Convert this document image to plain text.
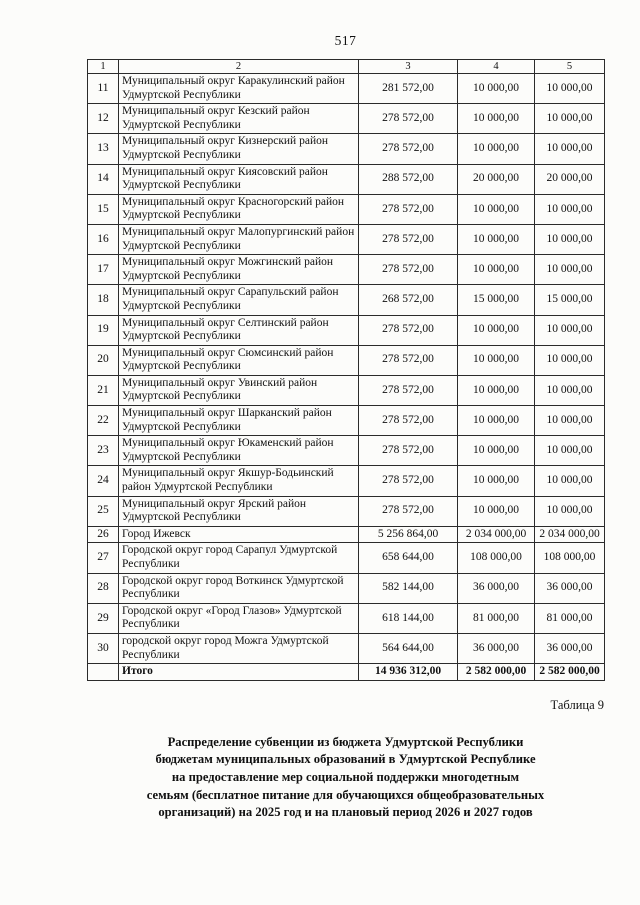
517
1	2	3	4	5
11	Муниципальный округ Каракулинский район Удмуртской Республики	281 572,00	10 000,00	10 000,00
12	Муниципальный округ Кезский район Удмуртской Республики	278 572,00	10 000,00	10 000,00
13	Муниципальный округ Кизнерский район Удмуртской Республики	278 572,00	10 000,00	10 000,00
14	Муниципальный округ Киясовский район Удмуртской Республики	288 572,00	20 000,00	20 000,00
15	Муниципальный округ Красногорский район Удмуртской Республики	278 572,00	10 000,00	10 000,00
16	Муниципальный округ Малопургинский район Удмуртской Республики	278 572,00	10 000,00	10 000,00
17	Муниципальный округ Можгинский район Удмуртской Республики	278 572,00	10 000,00	10 000,00
18	Муниципальный округ Сарапульский район Удмуртской Республики	268 572,00	15 000,00	15 000,00
19	Муниципальный округ Селтинский район Удмуртской Республики	278 572,00	10 000,00	10 000,00
20	Муниципальный округ Сюмсинский район Удмуртской Республики	278 572,00	10 000,00	10 000,00
21	Муниципальный округ Увинский район Удмуртской Республики	278 572,00	10 000,00	10 000,00
22	Муниципальный округ Шарканский район Удмуртской Республики	278 572,00	10 000,00	10 000,00
23	Муниципальный округ Юкаменский район Удмуртской Республики	278 572,00	10 000,00	10 000,00
24	Муниципальный округ Якшур-Бодьинский район Удмуртской Республики	278 572,00	10 000,00	10 000,00
25	Муниципальный округ Ярский район Удмуртской Республики	278 572,00	10 000,00	10 000,00
26	Город Ижевск	5 256 864,00	2 034 000,00	2 034 000,00
27	Городской округ город Сарапул Удмуртской Республики	658 644,00	108 000,00	108 000,00
28	Городской округ город Воткинск Удмуртской Республики	582 144,00	36 000,00	36 000,00
29	Городской округ «Город Глазов» Удмуртской Республики	618 144,00	81 000,00	81 000,00
30	городской округ город Можга Удмуртской Республики	564 644,00	36 000,00	36 000,00
	Итого	14 936 312,00	2 582 000,00	2 582 000,00
Таблица 9
Распределение субвенции из бюджета Удмуртской Республики
бюджетам муниципальных образований в Удмуртской Республике
на предоставление мер социальной поддержки многодетным
семьям (бесплатное питание для обучающихся общеобразовательных
организаций) на 2025 год и на плановый период 2026 и 2027 годов
